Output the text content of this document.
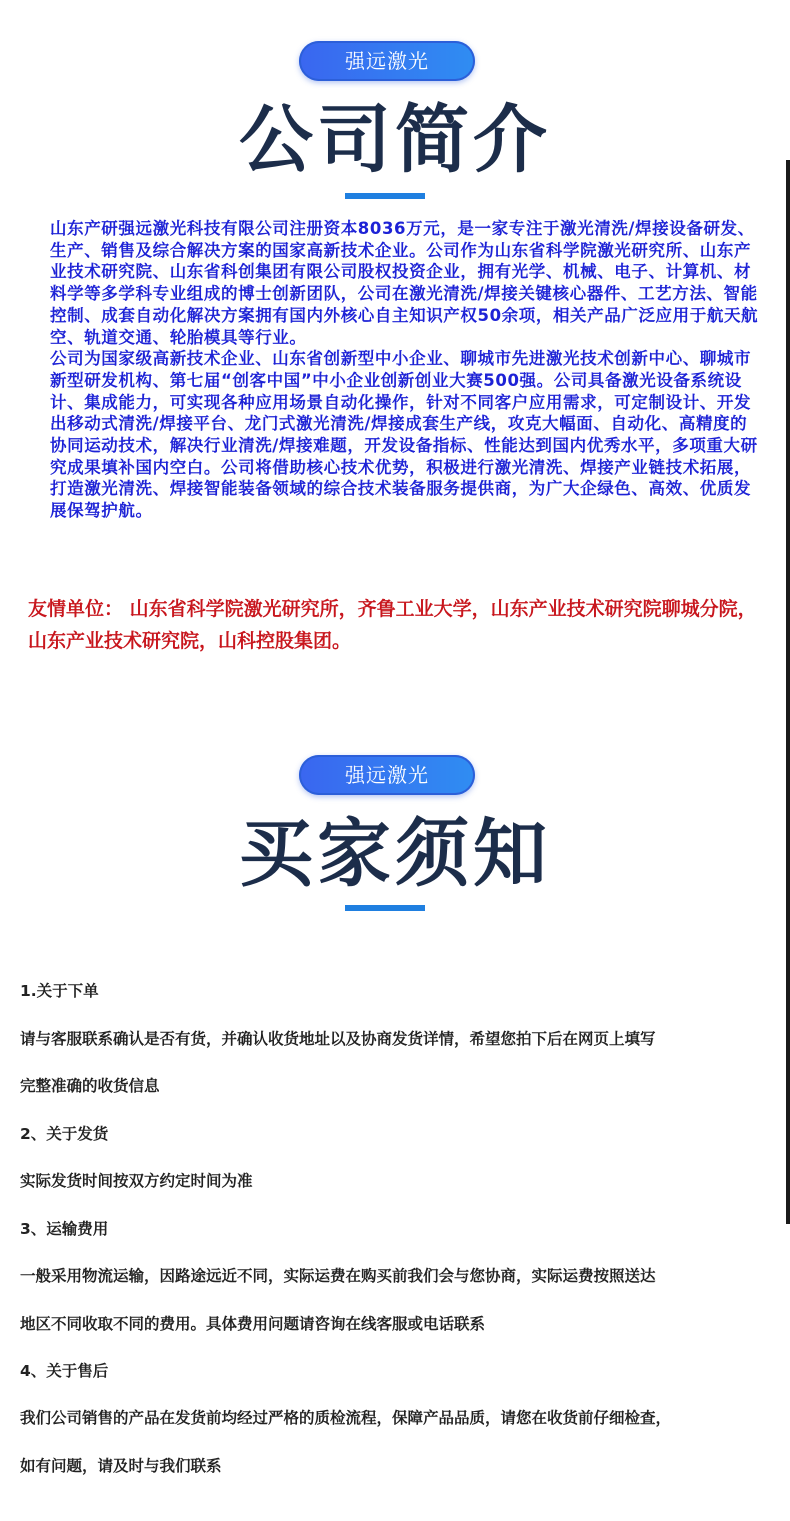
强远激光
公司简介

山东产研强远激光科技有限公司注册资本8036万元，是一家专注于激光清洗/焊接设备研发、生产、销售及综合解决方案的国家高新技术企业。公司作为山东省科学院激光研究所、山东产业技术研究院、山东省科创集团有限公司股权投资企业，拥有光学、机械、电子、计算机、材料学等多学科专业组成的博士创新团队，公司在激光清洗/焊接关键核心器件、工艺方法、智能控制、成套自动化解决方案拥有国内外核心自主知识产权50余项，相关产品广泛应用于航天航空、轨道交通、轮胎模具等行业。

公司为国家级高新技术企业、山东省创新型中小企业、聊城市先进激光技术创新中心、聊城市新型研发机构、第七届“创客中国”中小企业创新创业大赛500强。公司具备激光设备系统设计、集成能力，可实现各种应用场景自动化操作，针对不同客户应用需求，可定制设计、开发出移动式清洗/焊接平台、龙门式激光清洗/焊接成套生产线，攻克大幅面、自动化、高精度的协同运动技术，解决行业清洗/焊接难题，开发设备指标、性能达到国内优秀水平，多项重大研究成果填补国内空白。公司将借助核心技术优势，积极进行激光清洗、焊接产业链技术拓展，打造激光清洗、焊接智能装备领域的综合技术装备服务提供商，为广大企绿色、高效、优质发展保驾护航。

友情单位： 山东省科学院激光研究所，齐鲁工业大学，山东产业技术研究院聊城分院，山东产业技术研究院，山科控股集团。
强远激光
买家须知
1.关于下单
请与客服联系确认是否有货，并确认收货地址以及协商发货详情，希望您拍下后在网页上填写
完整准确的收货信息
2、关于发货
实际发货时间按双方约定时间为准
3、运输费用
一般采用物流运输，因路途远近不同，实际运费在购买前我们会与您协商，实际运费按照送达
地区不同收取不同的费用。具体费用问题请咨询在线客服或电话联系
4、关于售后
我们公司销售的产品在发货前均经过严格的质检流程，保障产品品质，请您在收货前仔细检查，
如有问题，请及时与我们联系
